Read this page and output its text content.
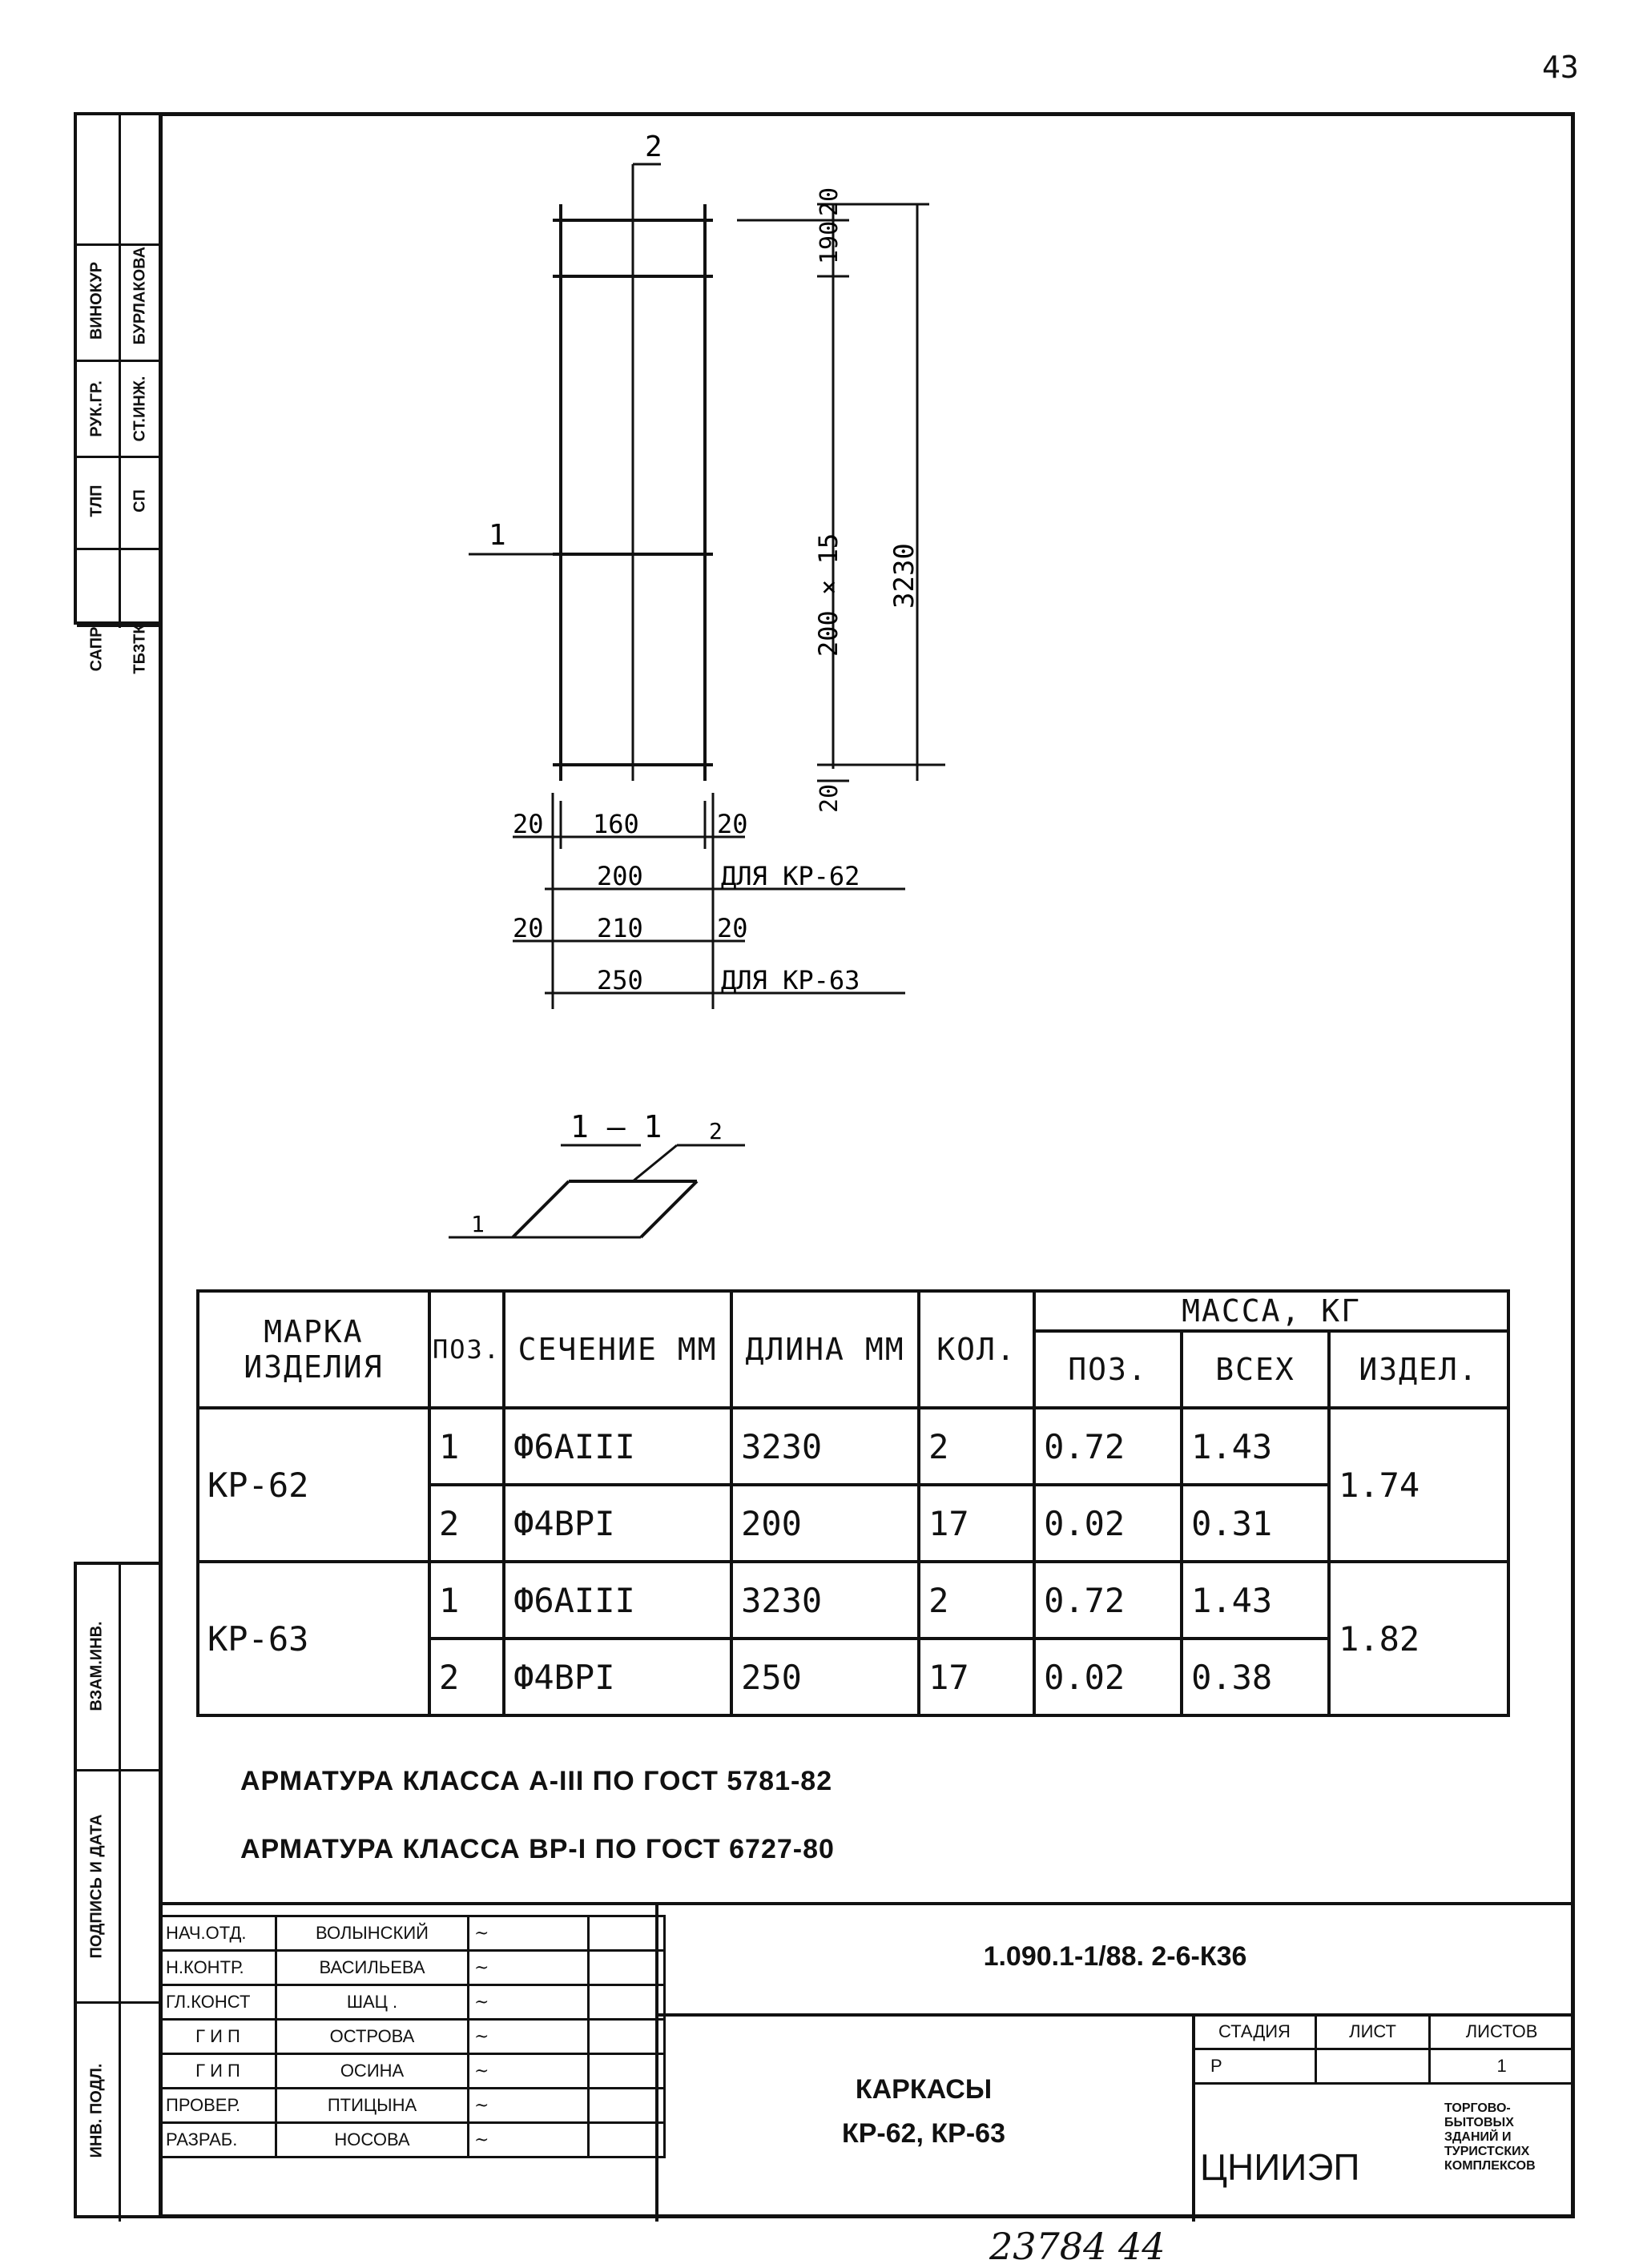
43
САПР ТБ3ТК
ТЛП СП
РУК.ГР. СТ.ИНЖ.
ВИНОКУР БУРЛАКОВА
ВЗАМ.ИНВ.
ПОДПИСЬ И ДАТА
ИНВ. ПОДЛ.
2
1
20
190
200 × 15 3230
20
20 160	20
200	ДЛЯ КР-62
20 210	20
250	ДЛЯ КР-63
1 — 1 2
1
МАРКА ИЗДЕЛИЯ	ПОЗ.	СЕЧЕНИЕ ММ	ДЛИНА ММ	КОЛ.	МАССА, КГ		
					ПОЗ.	ВСЕХ	ИЗДЕЛ.
КР-62	1	Ф6АIII	3230	2	0.72	1.43	1.74
	2	Ф4ВРI	200	17	0.02	0.31	
КР-63	1	Ф6АIII	3230	2	0.72	1.43	1.82
	2	Ф4ВРI	250	17	0.02	0.38	
АРМАТУРА КЛАССА А-III ПО ГОСТ 5781-82
АРМАТУРА КЛАССА ВР-I ПО ГОСТ 6727-80
НАЧ.ОТД.	ВОЛЫНСКИЙ	~	
Н.КОНТР.	ВАСИЛЬЕВА	~	
ГЛ.КОНСТ	ШАЦ .	~	
Г И П	ОСТРОВА	~	
Г И П	ОСИНА	~	
ПРОВЕР.	ПТИЦЫНА	~	
РАЗРАБ.	НОСОВА	~	
1.090.1-1/88. 2-6-К36
КАРКАСЫ
КР-62, КР-63
СТАДИЯ	ЛИСТ	ЛИСТОВ
Р		1
ЦНИИЭП
ТОРГОВО- БЫТОВЫХ ЗДАНИЙ И ТУРИСТСКИХ КОМПЛЕКСОВ
23784 44
